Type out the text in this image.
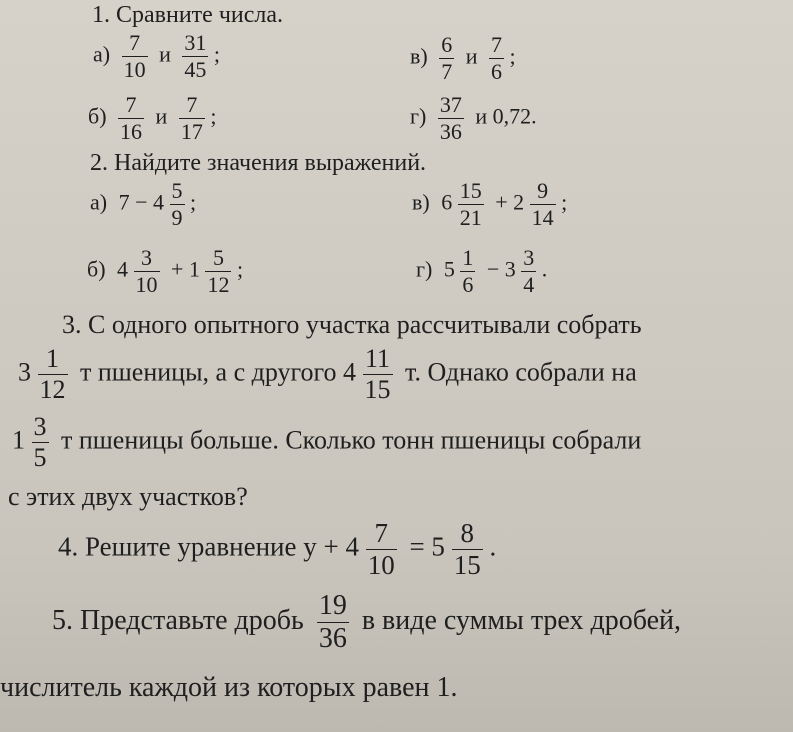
1. Сравните числа.
$а) \frac{7}{10}$ и $\frac{31}{45}$ ;	$в) \frac{6}{7}$ и $\frac{7}{6}$ ;
$б) \frac{7}{16}$ и $\frac{7}{17}$ ;	$г) \frac{37}{36}$ и 0,72.
2. Найдите значения выражений.
а) $7 - 4 \frac{5}{9}$ ;	в) $6 \frac{15}{21} + 2 \frac{9}{14}$ ;
б) $4 \frac{3}{10} + 1 \frac{5}{12}$ ;	г) $5 \frac{1}{6} - 3 \frac{3}{4}$ .
3. С одного опытного участка рассчитывали собрать
$3 \frac{1}{12}$ т пшеницы, а с другого $4 \frac{11}{15} т$. Однако собрали на
$1 \frac{3}{5}$ т пшеницы больше. Сколько тонн пшеницы собрали
с этих двух участков?
4. Решите уравнение $y + 4 \frac{7}{10} = 5 \frac{8}{15}$ .
5. Представьте дробь $\frac{19}{36}$ в виде суммы трех дробей,
числитель каждой из которых равен 1.
